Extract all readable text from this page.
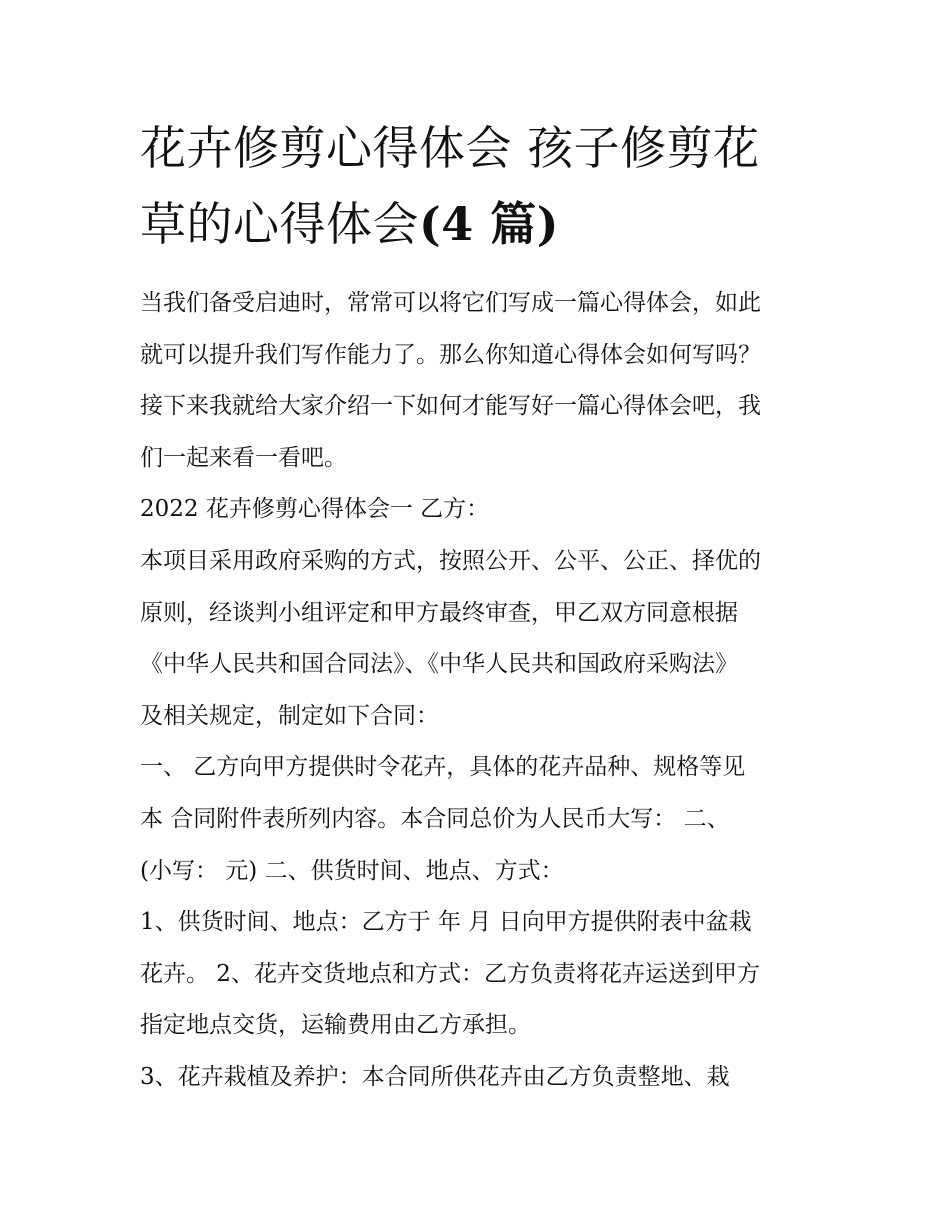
花卉修剪心得体会 孩子修剪花
草的心得体会(4 篇)
当我们备受启迪时，常常可以将它们写成一篇心得体会，如此
就可以提升我们写作能力了。那么你知道心得体会如何写吗？
接下来我就给大家介绍一下如何才能写好一篇心得体会吧，我
们一起来看一看吧。
2022 花卉修剪心得体会一 乙方：
本项目采用政府采购的方式，按照公开、公平、公正、择优的
原则，经谈判小组评定和甲方最终审查，甲乙双方同意根据
《中华人民共和国合同法》、《中华人民共和国政府采购法》
及相关规定，制定如下合同：
一、 乙方向甲方提供时令花卉，具体的花卉品种、规格等见
本 合同附件表所列内容。本合同总价为人民币大写： 二、
(小写： 元) 二、供货时间、地点、方式：
1、供货时间、地点：乙方于 年 月 日向甲方提供附表中盆栽
花卉。 2、花卉交货地点和方式：乙方负责将花卉运送到甲方
指定地点交货，运输费用由乙方承担。
3、花卉栽植及养护：本合同所供花卉由乙方负责整地、栽
